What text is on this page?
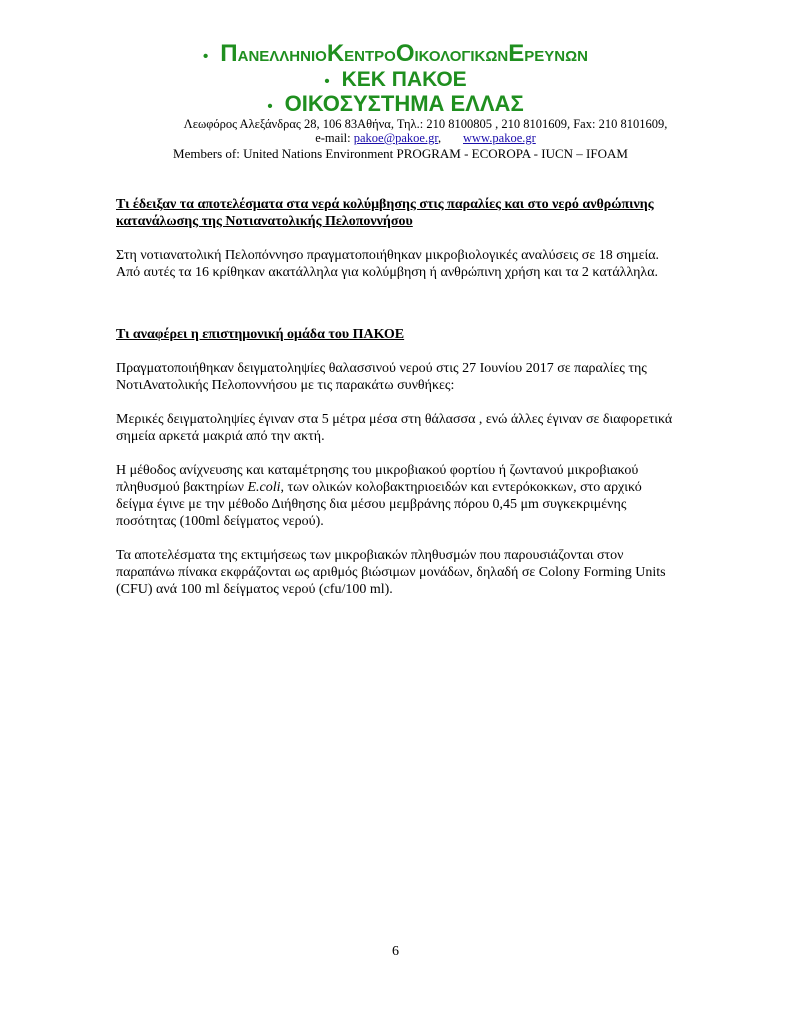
• Π ΑΝΕΛΛΗΝΙΟ Κ ΕΝΤΡΟ Ο ΙΚΟΛΟΓΙΚΩΝ Ε ΡΕΥΝΩΝ
• ΚΕΚ ΠΑΚΟΕ
• ΟΙΚΟΣΥΣΤΗΜΑ ΕΛΛΑΣ
Λεωφόρος Αλεξάνδρας 28, 106 83Αθήνα, Τηλ.: 210 8100805 , 210 8101609, Fax: 210 8101609,
e-mail: pakoe@pakoe.gr, www.pakoe.gr
Members of: United Nations Environment PROGRAM - ECOROPA - IUCN – IFOAM

Τι έδειξαν τα αποτελέσματα στα νερά κολύμβησης στις παραλίες και στο νερό ανθρώπινης κατανάλωσης της Νοτιανατολικής Πελοποννήσου

Στη νοτιανατολική Πελοπόννησο πραγματοποιήθηκαν μικροβιολογικές αναλύσεις σε 18 σημεία. Από αυτές τα 16 κρίθηκαν ακατάλληλα για κολύμβηση ή ανθρώπινη χρήση και τα 2 κατάλληλα.

Τι αναφέρει η επιστημονική ομάδα του ΠΑΚΟΕ

Πραγματοποιήθηκαν δειγματοληψίες θαλασσινού νερού στις 27 Ιουνίου 2017 σε παραλίες της ΝοτιΑνατολικής Πελοποννήσου με τις παρακάτω συνθήκες:

Μερικές δειγματοληψίες έγιναν στα 5 μέτρα μέσα στη θάλασσα , ενώ άλλες έγιναν σε διαφορετικά σημεία αρκετά μακριά από την ακτή.

Η μέθοδος ανίχνευσης και καταμέτρησης του μικροβιακού φορτίου ή ζωντανού μικροβιακού πληθυσμού βακτηρίων E.coli, των ολικών κολοβακτηριοειδών και εντερόκοκκων, στο αρχικό δείγμα έγινε με την μέθοδο Διήθησης δια μέσου μεμβράνης πόρου 0,45 μm συγκεκριμένης ποσότητας (100ml δείγματος νερού).

Τα αποτελέσματα της εκτιμήσεως των μικροβιακών πληθυσμών που παρουσιάζονται στον παραπάνω πίνακα εκφράζονται ως αριθμός βιώσιμων μονάδων, δηλαδή σε Colony Forming Units (CFU) ανά 100 ml δείγματος νερού (cfu/100 ml).

6
